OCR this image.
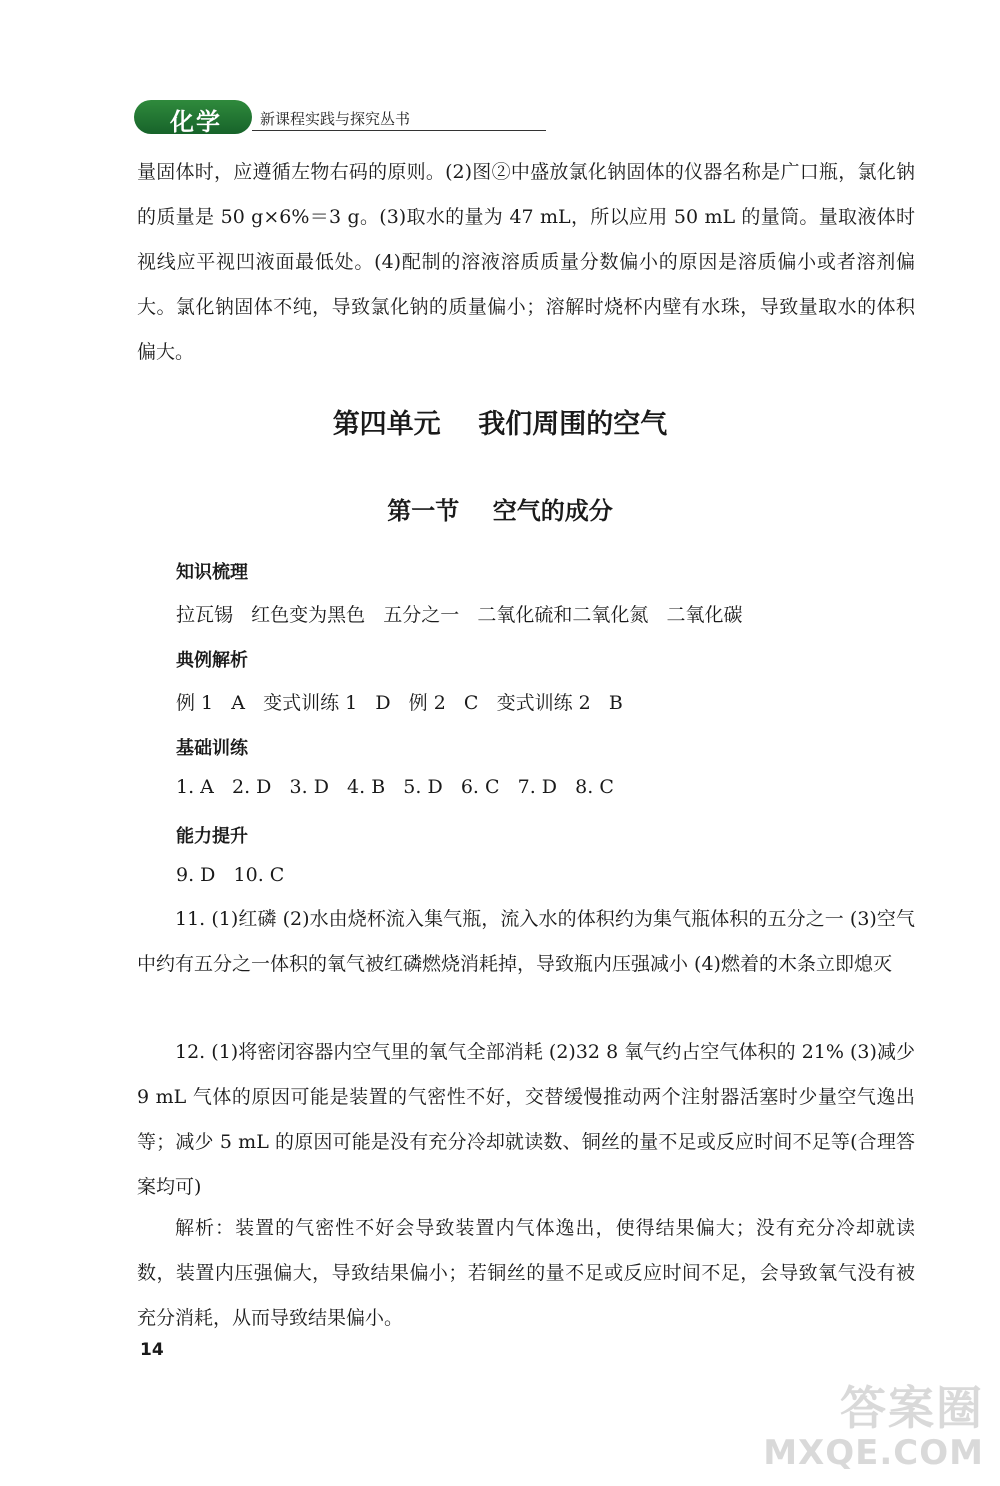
化学	新课程实践与探究丛书

量固体时，应遵循左物右码的原则。(2)图②中盛放氯化钠固体的仪器名称是广口瓶，氯化钠的质量是 50 g×6%＝3 g。(3)取水的量为 47 mL，所以应用 50 mL 的量筒。量取液体时视线应平视凹液面最低处。(4)配制的溶液溶质质量分数偏小的原因是溶质偏小或者溶剂偏大。氯化钠固体不纯，导致氯化钠的质量偏小；溶解时烧杯内壁有水珠，导致量取水的体积偏大。

第四单元    我们周围的空气
第一节    空气的成分

知识梳理

拉瓦锡   红色变为黑色   五分之一   二氧化硫和二氧化氮   二氧化碳

典例解析

例 1   A   变式训练 1   D   例 2   C   变式训练 2   B

基础训练

1. A   2. D   3. D   4. B   5. D   6. C   7. D   8. C

能力提升

9. D   10. C

11. (1)红磷 (2)水由烧杯流入集气瓶，流入水的体积约为集气瓶体积的五分之一 (3)空气中约有五分之一体积的氧气被红磷燃烧消耗掉，导致瓶内压强减小 (4)燃着的木条立即熄灭

12. (1)将密闭容器内空气里的氧气全部消耗 (2)32 8 氧气约占空气体积的 21% (3)减少 9 mL 气体的原因可能是装置的气密性不好，交替缓慢推动两个注射器活塞时少量空气逸出等；减少 5 mL 的原因可能是没有充分冷却就读数、铜丝的量不足或反应时间不足等(合理答案均可)

解析：装置的气密性不好会导致装置内气体逸出，使得结果偏大；没有充分冷却就读数，装置内压强偏大，导致结果偏小；若铜丝的量不足或反应时间不足，会导致氧气没有被充分消耗，从而导致结果偏小。

14
答案圈
MXQE.COM
